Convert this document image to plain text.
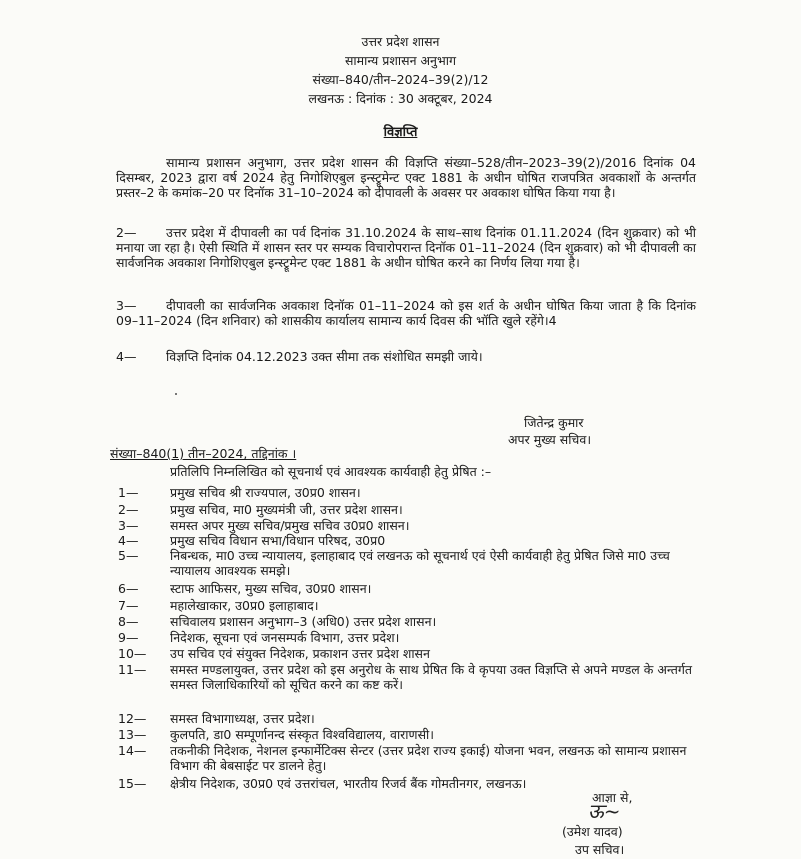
उत्तर प्रदेश शासन
सामान्य प्रशासन अनुभाग
संख्या–840/तीन–2024–39(2)/12
लखनऊ : दिनांक : 30 अक्टूबर, 2024
विज्ञप्ति
सामान्य प्रशासन अनुभाग, उत्तर प्रदेश शासन की विज्ञप्ति संख्या–528/तीन–2023–39(2)/2016 दिनांक 04 दिसम्बर, 2023 द्वारा वर्ष 2024 हेतु निगोशिएबुल इन्स्ट्रूमेन्ट एक्ट 1881 के अधीन घोषित राजपत्रित अवकाशों के अन्तर्गत प्रस्तर–2 के कमांक–20 पर दिनॉक 31–10–2024 को दीपावली के अवसर पर अवकाश घोषित किया गया है।
2— उत्तर प्रदेश में दीपावली का पर्व दिनांक 31.10.2024 के साथ–साथ दिनांक 01.11.2024 (दिन शुक्रवार) को भी मनाया जा रहा है। ऐसी स्थिति में शासन स्तर पर सम्यक विचारोपरान्त दिनॉक 01–11–2024 (दिन शुक्रवार) को भी दीपावली का सार्वजनिक अवकाश निगोशिएबुल इन्स्ट्रूमेन्ट एक्ट 1881 के अधीन घोषित करने का निर्णय लिया गया है।
3— दीपावली का सार्वजनिक अवकाश दिनॉक 01–11–2024 को इस शर्त के अधीन घोषित किया जाता है कि दिनांक 09–11–2024 (दिन शनिवार) को शासकीय कार्यालय सामान्य कार्य दिवस की भॉति खुले रहेंगे।4
4— विज्ञप्ति दिनांक 04.12.2023 उक्त सीमा तक संशोधित समझी जाये।
जितेन्द्र कुमार
अपर मुख्य सचिव।
संख्या–840(1) तीन–2024, तद्दिनांक ।
प्रतिलिपि निम्नलिखित को सूचनार्थ एवं आवश्यक कार्यवाही हेतु प्रेषित :–
1—	प्रमुख सचिव श्री राज्यपाल, उ0प्र0 शासन।
2—	प्रमुख सचिव, मा0 मुख्यमंत्री जी, उत्तर प्रदेश शासन।
3—	समस्त अपर मुख्य सचिव/प्रमुख सचिव उ0प्र0 शासन।
4—	प्रमुख सचिव विधान सभा/विधान परिषद, उ0प्र0
5—	निबन्धक, मा0 उच्च न्यायालय, इलाहाबाद एवं लखनऊ को सूचनार्थ एवं ऐसी कार्यवाही हेतु प्रेषित जिसे मा0 उच्च न्यायालय आवश्यक समझे।
6—	स्टाफ आफिसर, मुख्य सचिव, उ0प्र0 शासन।
7—	महालेखाकार, उ0प्र0 इलाहाबाद।
8—	सचिवालय प्रशासन अनुभाग–3 (अधि0) उत्तर प्रदेश शासन।
9—	निदेशक, सूचना एवं जनसम्पर्क विभाग, उत्तर प्रदेश।
10— उप सचिव एवं संयुक्त निदेशक, प्रकाशन उत्तर प्रदेश शासन
11— समस्त मण्डलायुक्त, उत्तर प्रदेश को इस अनुरोध के साथ प्रेषित कि वे कृपया उक्त विज्ञप्ति से अपने मण्डल के अन्तर्गत समस्त जिलाधिकारियों को सूचित करने का कष्ट करें।
12— समस्त विभागाध्यक्ष, उत्तर प्रदेश।
13— कुलपति, डा0 सम्पूर्णानन्द संस्कृत विश्वविद्यालय, वाराणसी।
14— तकनीकी निदेशक, नेशनल इन्फार्मेटिक्स सेन्टर (उत्तर प्रदेश राज्य इकाई) योजना भवन, लखनऊ को सामान्य प्रशासन विभाग की बेबसाईट पर डालने हेतु।
15— क्षेत्रीय निदेशक, उ0प्र0 एवं उत्तरांचल, भारतीय रिजर्व बैंक गोमतीनगर, लखनऊ।
आज्ञा से,
ऊ~
(उमेश यादव)
उप सचिव।
